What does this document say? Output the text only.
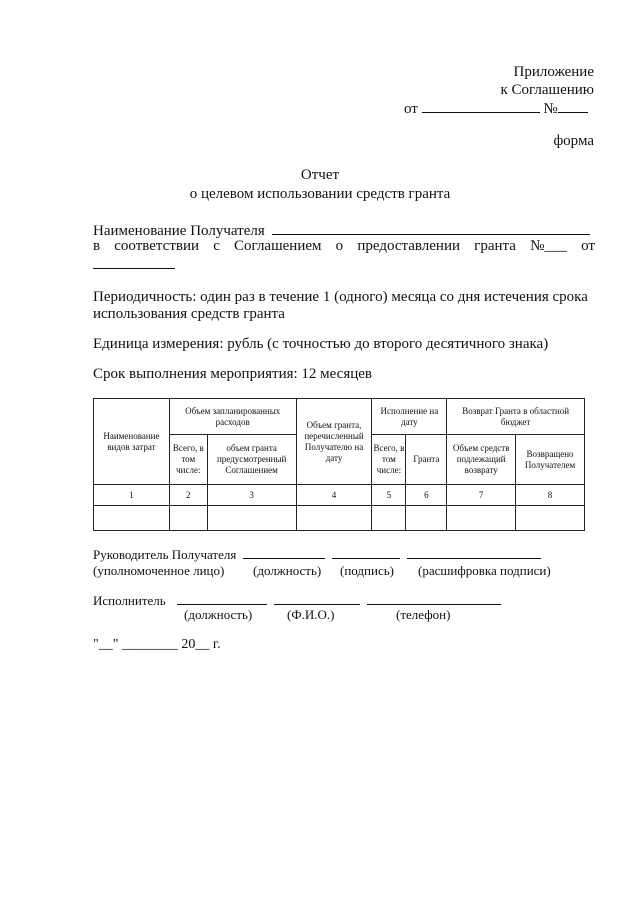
Приложение
к Соглашению
от	№
форма
Отчет
о целевом использовании средств гранта
Наименование Получателя
в соответствии с Соглашением о предоставлении гранта №___ от
Периодичность: один раз в течение 1 (одного) месяца со дня истечения срока
использования средств гранта
Единица измерения: рубль (с точностью до второго десятичного знака)
Срок выполнения мероприятия: 12 месяцев
Наименование видов затрат	Объем запланированных расходов		Объем гранта, перечисленный Получателю на дату	Исполнение на дату		Возврат Гранта в областной бюджет	
	Всего, в том числе:	объем гранта предусмотренный Соглашением		Всего, в том числе:	Гранта	Объем средств подлежащий возврату	Возвращено Получателем
1	2	3	4	5	6	7	8

Руководитель Получателя
(уполномоченное лицо) (должность) (подпись) (расшифровка подписи)
Исполнитель
(должность)	(Ф.И.О.)	(телефон)
"__" ________ 20__ г.
